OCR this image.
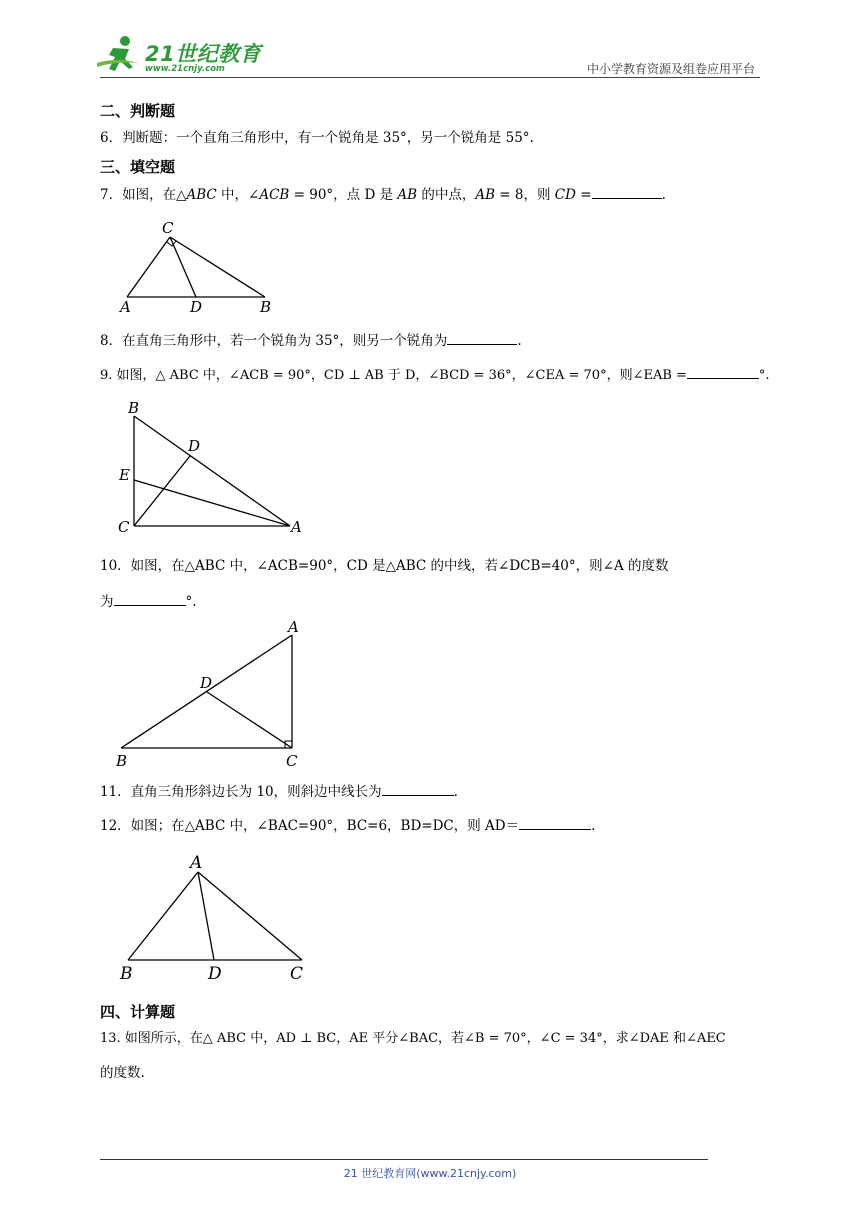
21世纪教育
www.21cnjy.com	中小学教育资源及组卷应用平台
二、判断题
6．判断题：一个直角三角形中，有一个锐角是 35°，另一个锐角是 55°.
三、填空题
7．如图，在△ABC 中，∠ACB = 90°，点 D 是 AB 的中点，AB = 8，则 CD =	.
C
A	D	B
8．在直角三角形中，若一个锐角为 35°，则另一个锐角为	.
9. 如图，△ ABC 中，∠ACB = 90°，CD ⊥ AB 于 D，∠BCD = 36°，∠CEA = 70°，则∠EAB =	°.
B
D
E
C	A
10．如图，在△ABC 中，∠ACB=90°，CD 是△ABC 的中线，若∠DCB=40°，则∠A 的度数
为	°.
A
D
B	C
11．直角三角形斜边长为 10，则斜边中线长为	.
12．如图；在△ABC 中，∠BAC=90°，BC=6，BD=DC，则 AD＝	.
A
B	D	C
四、计算题
13. 如图所示，在△ ABC 中，AD ⊥ BC，AE 平分∠BAC，若∠B = 70°，∠C = 34°，求∠DAE 和∠AEC
的度数.
21 世纪教育网(www.21cnjy.com)
